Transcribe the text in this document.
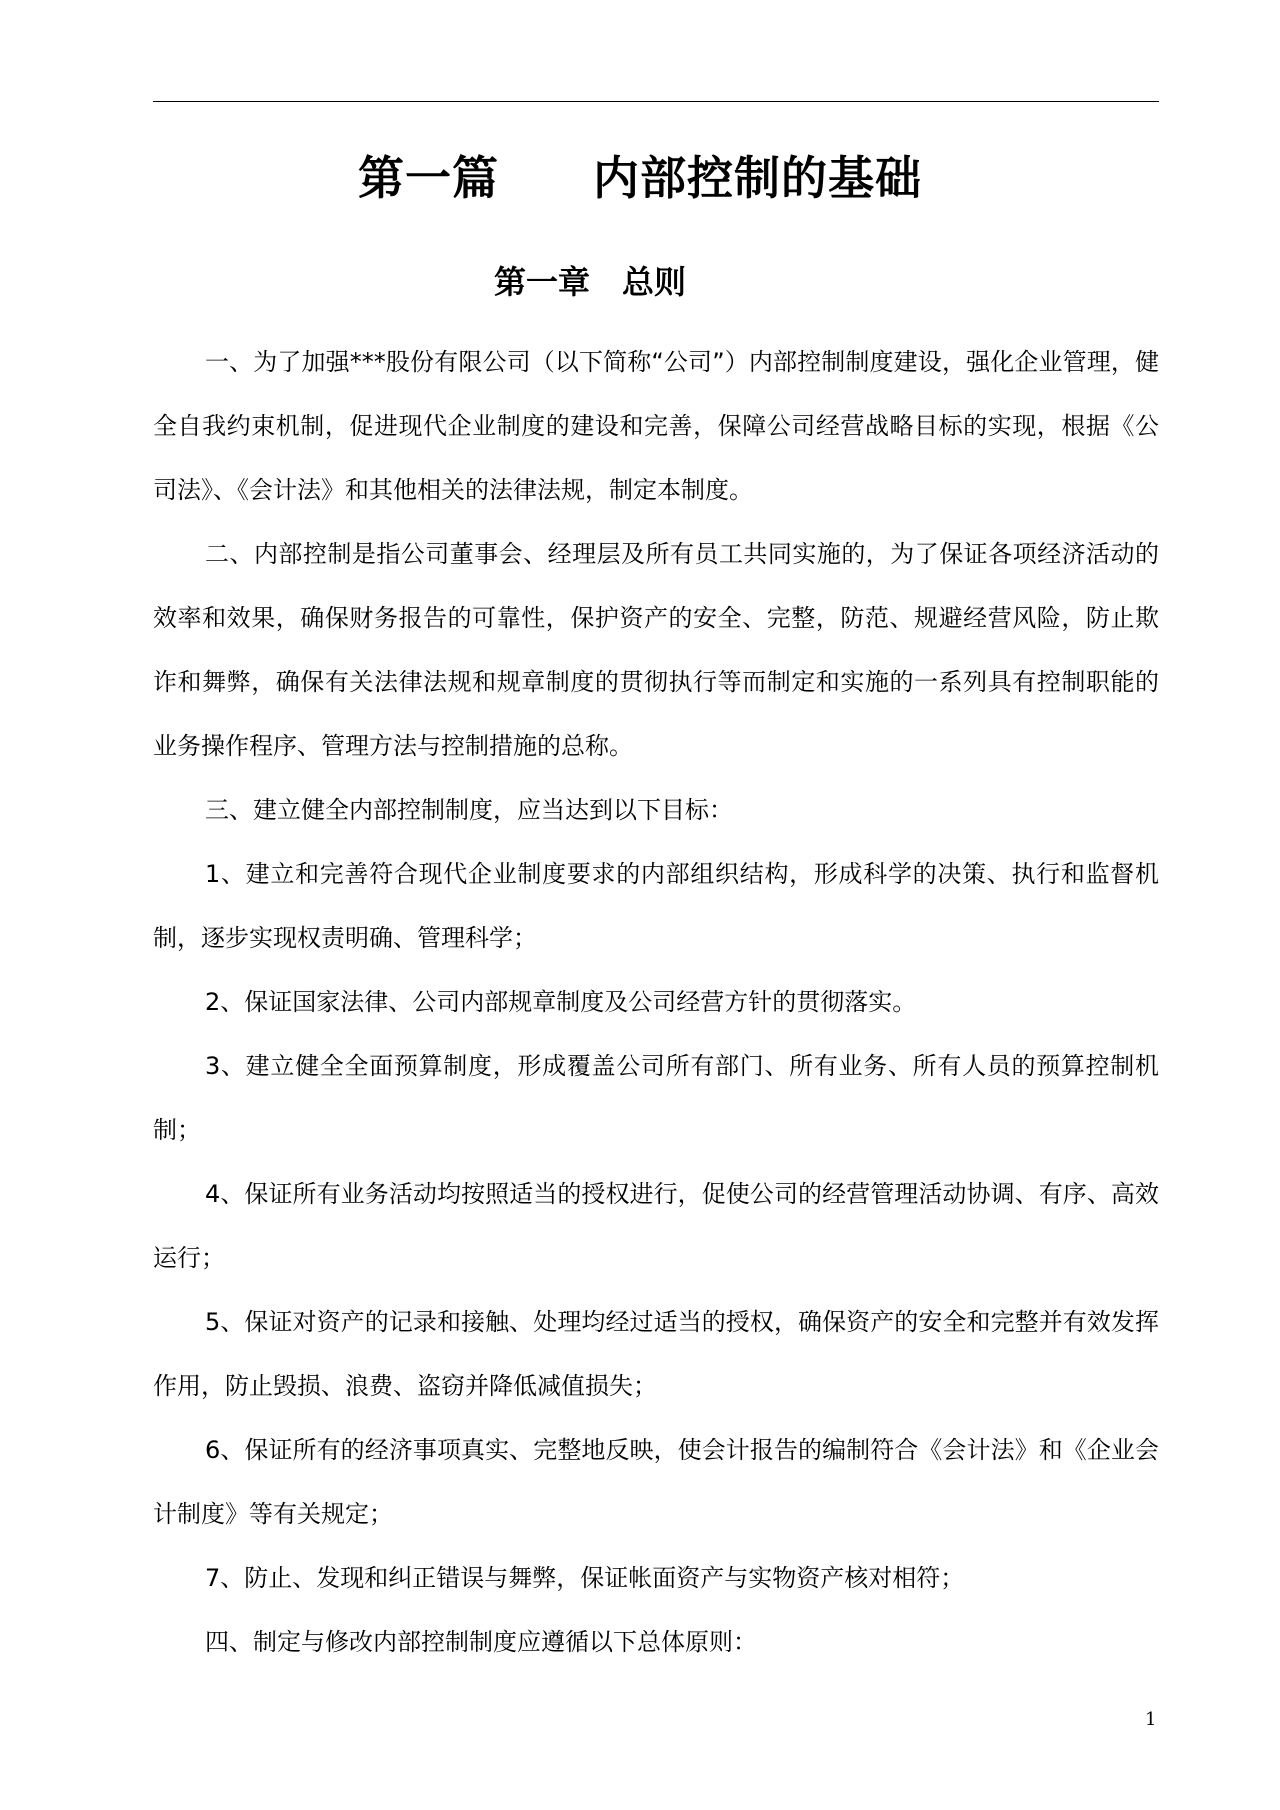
第一篇　　内部控制的基础
第一章　总则

一、为了加强***股份有限公司（以下简称“公司”）内部控制制度建设，强化企业管理，健全自我约束机制，促进现代企业制度的建设和完善，保障公司经营战略目标的实现，根据《公司法》、《会计法》和其他相关的法律法规，制定本制度。

二、内部控制是指公司董事会、经理层及所有员工共同实施的，为了保证各项经济活动的效率和效果，确保财务报告的可靠性，保护资产的安全、完整，防范、规避经营风险，防止欺诈和舞弊，确保有关法律法规和规章制度的贯彻执行等而制定和实施的一系列具有控制职能的业务操作程序、管理方法与控制措施的总称。

三、建立健全内部控制制度，应当达到以下目标：

1、建立和完善符合现代企业制度要求的内部组织结构，形成科学的决策、执行和监督机制，逐步实现权责明确、管理科学；

2、保证国家法律、公司内部规章制度及公司经营方针的贯彻落实。

3、建立健全全面预算制度，形成覆盖公司所有部门、所有业务、所有人员的预算控制机制；

4、保证所有业务活动均按照适当的授权进行，促使公司的经营管理活动协调、有序、高效运行；

5、保证对资产的记录和接触、处理均经过适当的授权，确保资产的安全和完整并有效发挥作用，防止毁损、浪费、盗窃并降低减值损失；

6、保证所有的经济事项真实、完整地反映，使会计报告的编制符合《会计法》和《企业会计制度》等有关规定；

7、防止、发现和纠正错误与舞弊，保证帐面资产与实物资产核对相符；

四、制定与修改内部控制制度应遵循以下总体原则：

1
